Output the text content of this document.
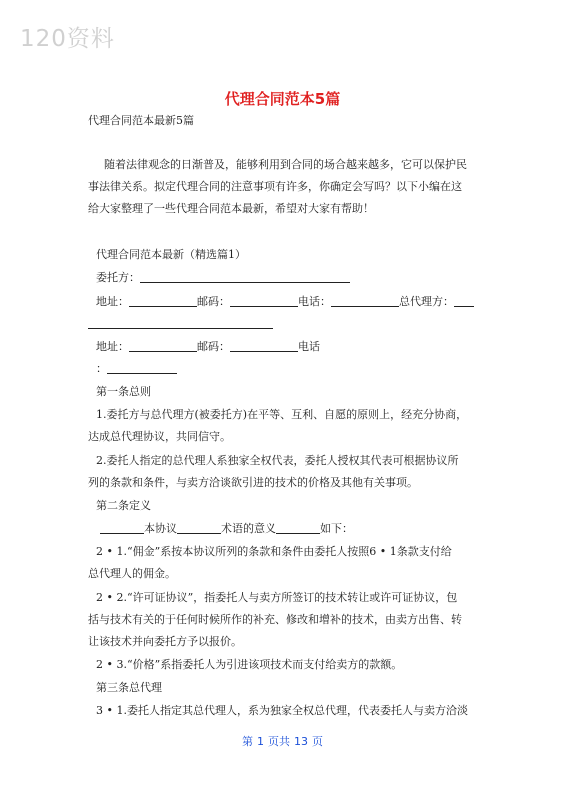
120资料
代理合同范本5篇
代理合同范本最新5篇
随着法律观念的日渐普及，能够利用到合同的场合越来越多，它可以保护民
事法律关系。拟定代理合同的注意事项有许多，你确定会写吗？以下小编在这
给大家整理了一些代理合同范本最新，希望对大家有帮助！
代理合同范本最新（精选篇1）
委托方：
地址：	邮码：	电话：	总代理方：
地址：	邮码：	电话
：
第一条总则
1.委托方与总代理方(被委托方)在平等、互利、自愿的原则上，经充分协商，
达成总代理协议，共同信守。
2.委托人指定的总代理人系独家全权代表，委托人授权其代表可根据协议所
列的条款和条件，与卖方洽谈欲引进的技术的价格及其他有关事项。
第二条定义
本协议	术语的意义	如下：
2 • 1.“佣金”系按本协议所列的条款和条件由委托人按照6 • 1条款支付给
总代理人的佣金。
2 • 2.“许可证协议”，指委托人与卖方所签订的技术转让或许可证协议，包
括与技术有关的于任何时候所作的补充、修改和增补的技术，由卖方出售、转
让该技术并向委托方予以报价。
2 • 3.“价格”系指委托人为引进该项技术而支付给卖方的款额。
第三条总代理
3 • 1.委托人指定其总代理人，系为独家全权总代理，代表委托人与卖方洽淡
第 1 页共 13 页
